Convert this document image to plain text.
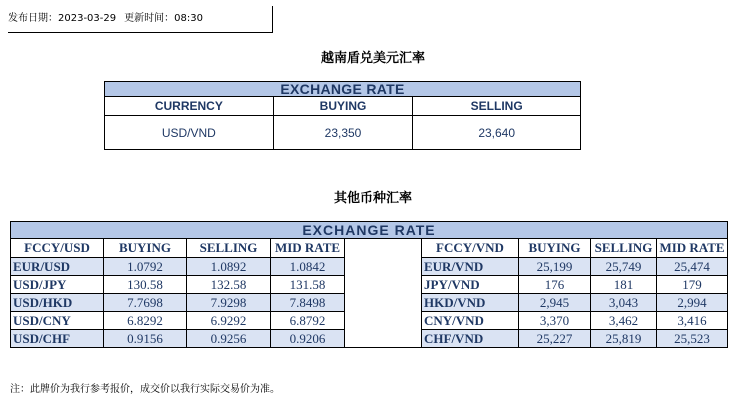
发布日期：2023-03-29 更新时间：08:30
越南盾兑美元汇率
EXCHANGE RATE		
CURRENCY	BUYING	SELLING
USD/VND	23,350	23,640
其他币种汇率
EXCHANGE RATE								
FCCY/USD	BUYING	SELLING	MID RATE		FCCY/VND	BUYING	SELLING	MID RATE
EUR/USD	1.0792	1.0892	1.0842		EUR/VND	25,199	25,749	25,474
USD/JPY	130.58	132.58	131.58		JPY/VND	176	181	179
USD/HKD	7.7698	7.9298	7.8498		HKD/VND	2,945	3,043	2,994
USD/CNY	6.8292	6.9292	6.8792		CNY/VND	3,370	3,462	3,416
USD/CHF	0.9156	0.9256	0.9206		CHF/VND	25,227	25,819	25,523
注：此牌价为我行参考报价，成交价以我行实际交易价为准。
